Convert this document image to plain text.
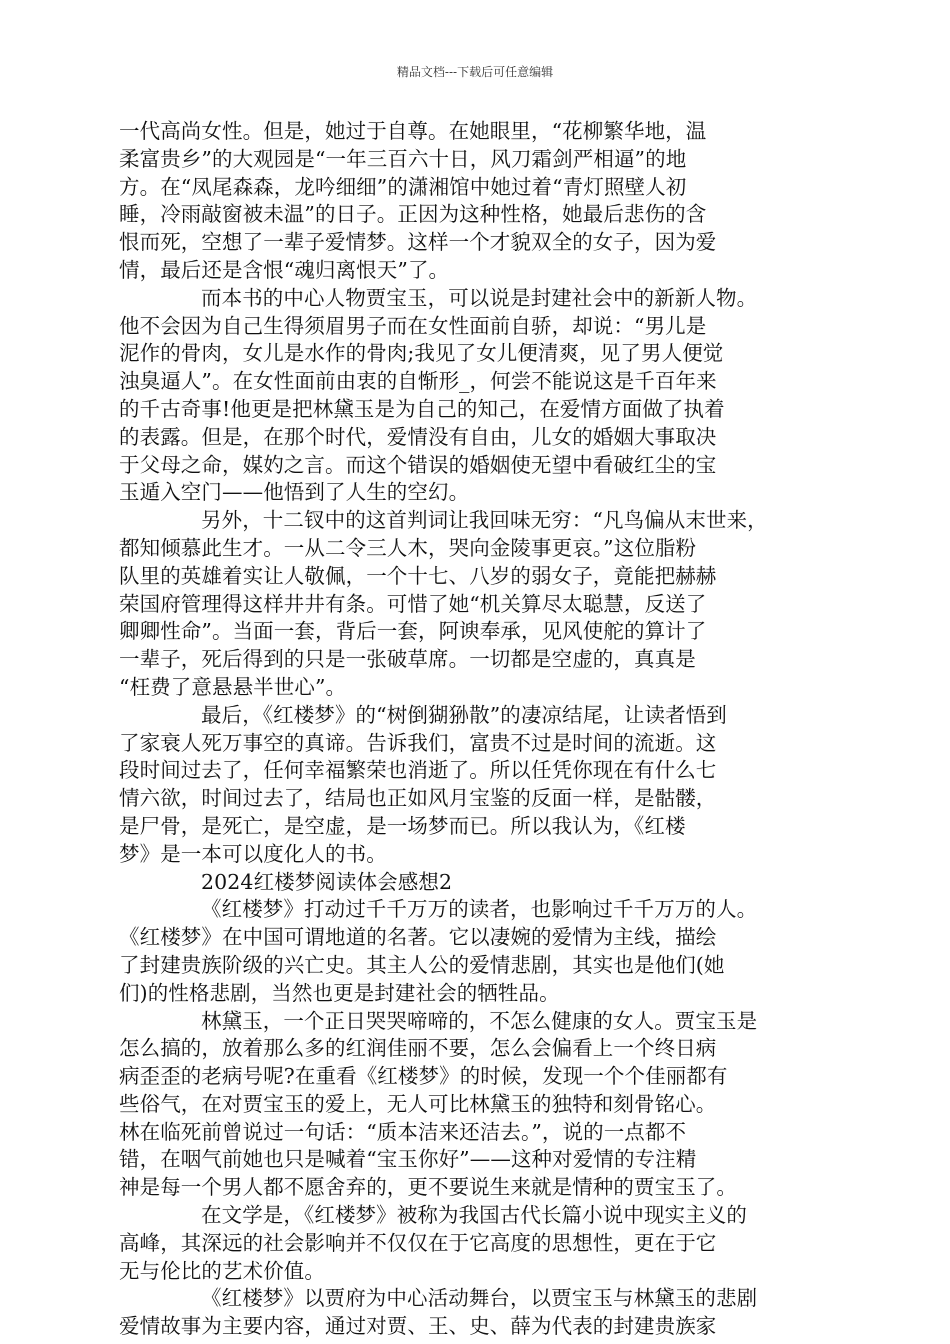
精品文档---下载后可任意编辑
一代高尚女性。但是，她过于自尊。在她眼里，“花柳繁华地，温
柔富贵乡”的大观园是“一年三百六十日，风刀霜剑严相逼”的地
方。在“凤尾森森，龙吟细细”的潇湘馆中她过着“青灯照壁人初
睡，冷雨敲窗被未温”的日子。正因为这种性格，她最后悲伤的含
恨而死，空想了一辈子爱情梦。这样一个才貌双全的女子，因为爱
情，最后还是含恨“魂归离恨天”了。
而本书的中心人物贾宝玉，可以说是封建社会中的新新人物。
他不会因为自己生得须眉男子而在女性面前自骄，却说：“男儿是
泥作的骨肉，女儿是水作的骨肉;我见了女儿便清爽，见了男人便觉
浊臭逼人”。在女性面前由衷的自惭形_，何尝不能说这是千百年来
的千古奇事!他更是把林黛玉是为自己的知己，在爱情方面做了执着
的表露。但是，在那个时代，爱情没有自由，儿女的婚姻大事取决
于父母之命，媒妁之言。而这个错误的婚姻使无望中看破红尘的宝
玉遁入空门——他悟到了人生的空幻。
另外，十二钗中的这首判词让我回味无穷：“凡鸟偏从末世来，
都知倾慕此生才。一从二令三人木，哭向金陵事更哀。”这位脂粉
队里的英雄着实让人敬佩，一个十七、八岁的弱女子，竟能把赫赫
荣国府管理得这样井井有条。可惜了她“机关算尽太聪慧，反送了
卿卿性命”。当面一套，背后一套，阿谀奉承，见风使舵的算计了
一辈子，死后得到的只是一张破草席。一切都是空虚的，真真是
“枉费了意悬悬半世心”。
最后，《红楼梦》的“树倒猢狲散”的凄凉结尾，让读者悟到
了家衰人死万事空的真谛。告诉我们，富贵不过是时间的流逝。这
段时间过去了，任何幸福繁荣也消逝了。所以任凭你现在有什么七
情六欲，时间过去了，结局也正如风月宝鉴的反面一样，是骷髅，
是尸骨，是死亡，是空虚，是一场梦而已。所以我认为，《红楼
梦》是一本可以度化人的书。
2024红楼梦阅读体会感想2
《红楼梦》打动过千千万万的读者，也影响过千千万万的人。
《红楼梦》在中国可谓地道的名著。它以凄婉的爱情为主线，描绘
了封建贵族阶级的兴亡史。其主人公的爱情悲剧，其实也是他们(她
们)的性格悲剧，当然也更是封建社会的牺牲品。
林黛玉，一个正日哭哭啼啼的，不怎么健康的女人。贾宝玉是
怎么搞的，放着那么多的红润佳丽不要，怎么会偏看上一个终日病
病歪歪的老病号呢?在重看《红楼梦》的时候，发现一个个佳丽都有
些俗气，在对贾宝玉的爱上，无人可比林黛玉的独特和刻骨铭心。
林在临死前曾说过一句话：“质本洁来还洁去。”，说的一点都不
错，在咽气前她也只是喊着“宝玉你好”——这种对爱情的专注精
神是每一个男人都不愿舍弃的，更不要说生来就是情种的贾宝玉了。
在文学是，《红楼梦》被称为我国古代长篇小说中现实主义的
高峰，其深远的社会影响并不仅仅在于它高度的思想性，更在于它
无与伦比的艺术价值。
《红楼梦》以贾府为中心活动舞台，以贾宝玉与林黛玉的悲剧
爱情故事为主要内容，通过对贾、王、史、薛为代表的封建贵族家
